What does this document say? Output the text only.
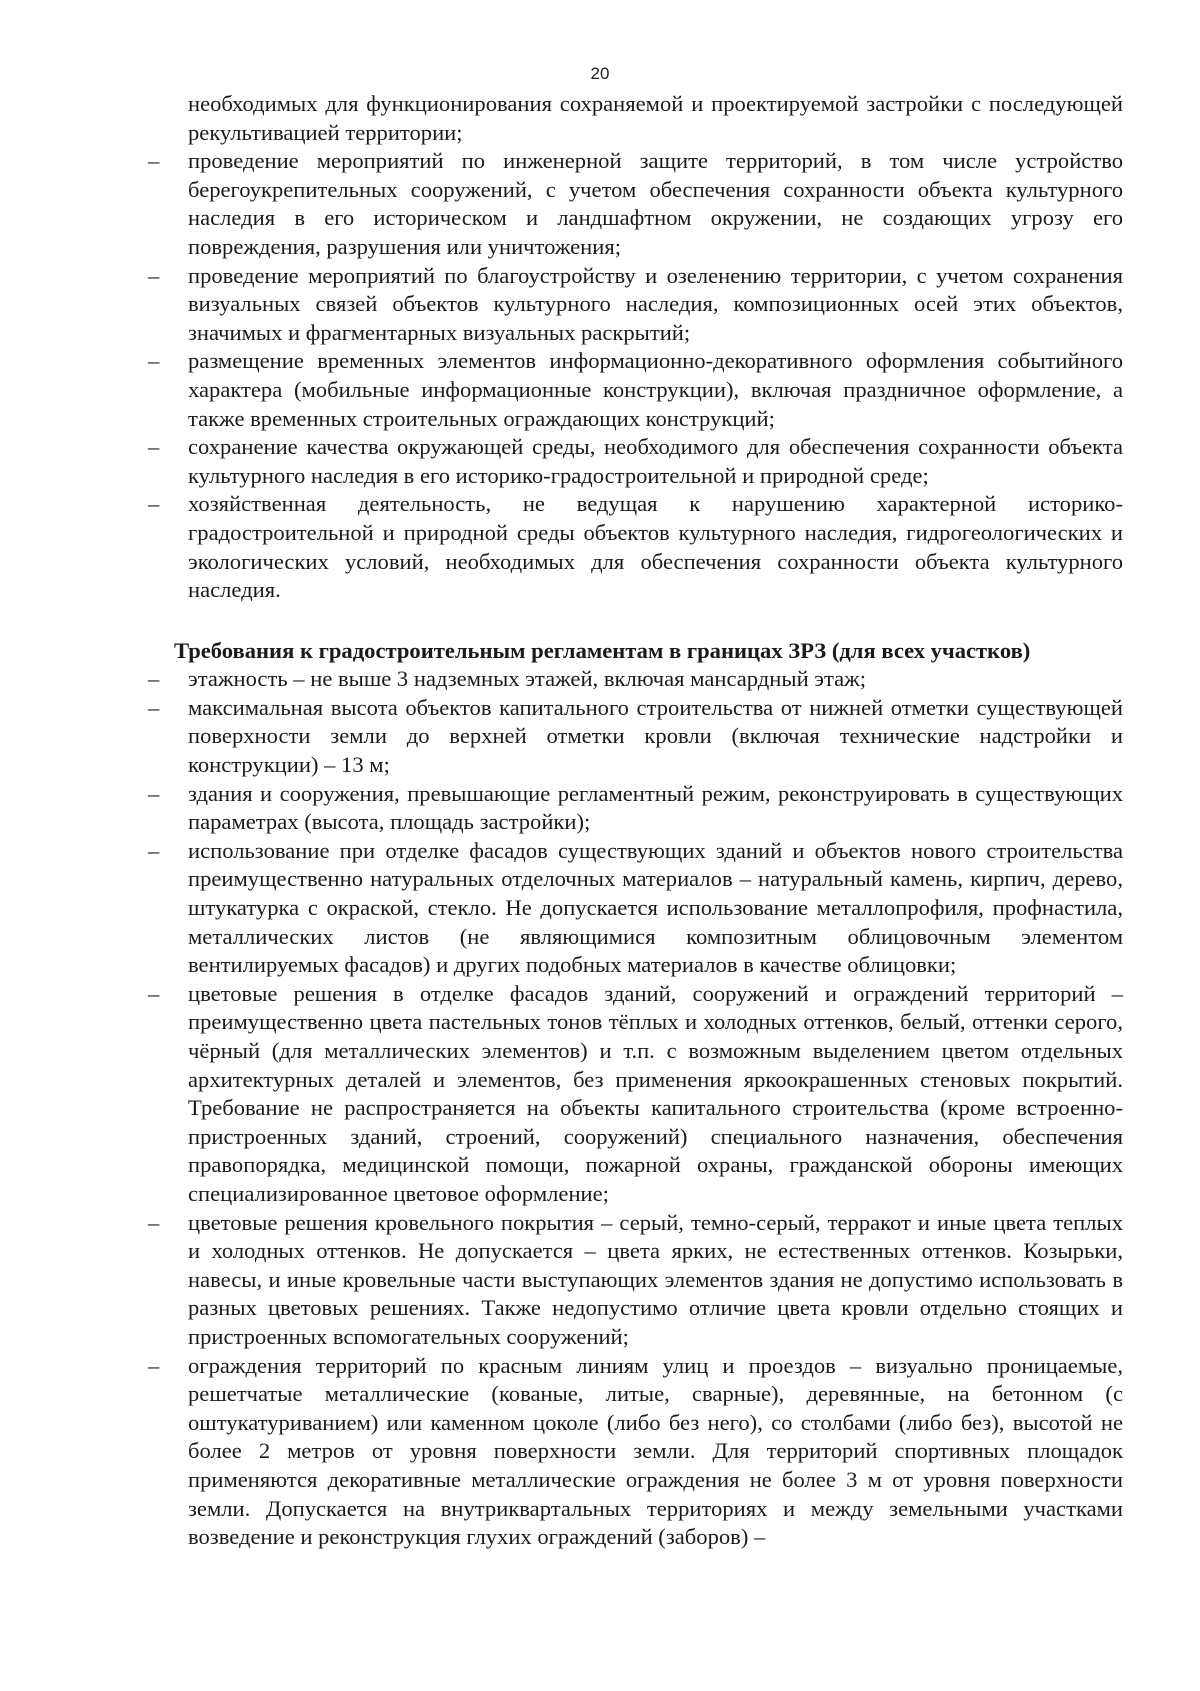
20

необходимых для функционирования сохраняемой и проектируемой застройки с последующей рекультивацией территории;

– проведение мероприятий по инженерной защите территорий, в том числе устройство берегоукрепительных сооружений, с учетом обеспечения сохранности объекта культурного наследия в его историческом и ландшафтном окружении, не создающих угрозу его повреждения, разрушения или уничтожения;
– проведение мероприятий по благоустройству и озеленению территории, с учетом сохранения визуальных связей объектов культурного наследия, композиционных осей этих объектов, значимых и фрагментарных визуальных раскрытий;
– размещение временных элементов информационно-декоративного оформления событийного характера (мобильные информационные конструкции), включая праздничное оформление, а также временных строительных ограждающих конструкций;
– сохранение качества окружающей среды, необходимого для обеспечения сохранности объекта культурного наследия в его историко-градостроительной и природной среде;
– хозяйственная деятельность, не ведущая к нарушению характерной историко-градостроительной и природной среды объектов культурного наследия, гидрогеологических и экологических условий, необходимых для обеспечения сохранности объекта культурного наследия.
Требования к градостроительным регламентам в границах ЗРЗ (для всех участков)
– этажность – не выше 3 надземных этажей, включая мансардный этаж;
– максимальная высота объектов капитального строительства от нижней отметки существующей поверхности земли до верхней отметки кровли (включая технические надстройки и конструкции) – 13 м;
– здания и сооружения, превышающие регламентный режим, реконструировать в существующих параметрах (высота, площадь застройки);
– использование при отделке фасадов существующих зданий и объектов нового строительства преимущественно натуральных отделочных материалов – натуральный камень, кирпич, дерево, штукатурка с окраской, стекло. Не допускается использование металлопрофиля, профнастила, металлических листов (не являющимися композитным облицовочным элементом вентилируемых фасадов) и других подобных материалов в качестве облицовки;
– цветовые решения в отделке фасадов зданий, сооружений и ограждений территорий – преимущественно цвета пастельных тонов тёплых и холодных оттенков, белый, оттенки серого, чёрный (для металлических элементов) и т.п. с возможным выделением цветом отдельных архитектурных деталей и элементов, без применения яркоокрашенных стеновых покрытий. Требование не распространяется на объекты капитального строительства (кроме встроенно-пристроенных зданий, строений, сооружений) специального назначения, обеспечения правопорядка, медицинской помощи, пожарной охраны, гражданской обороны имеющих специализированное цветовое оформление;
– цветовые решения кровельного покрытия – серый, темно-серый, терракот и иные цвета теплых и холодных оттенков. Не допускается – цвета ярких, не естественных оттенков. Козырьки, навесы, и иные кровельные части выступающих элементов здания не допустимо использовать в разных цветовых решениях. Также недопустимо отличие цвета кровли отдельно стоящих и пристроенных вспомогательных сооружений;
– ограждения территорий по красным линиям улиц и проездов – визуально проницаемые, решетчатые металлические (кованые, литые, сварные), деревянные, на бетонном (с оштукатуриванием) или каменном цоколе (либо без него), со столбами (либо без), высотой не более 2 метров от уровня поверхности земли. Для территорий спортивных площадок применяются декоративные металлические ограждения не более 3 м от уровня поверхности земли. Допускается на внутриквартальных территориях и между земельными участками возведение и реконструкция глухих ограждений (заборов) –
